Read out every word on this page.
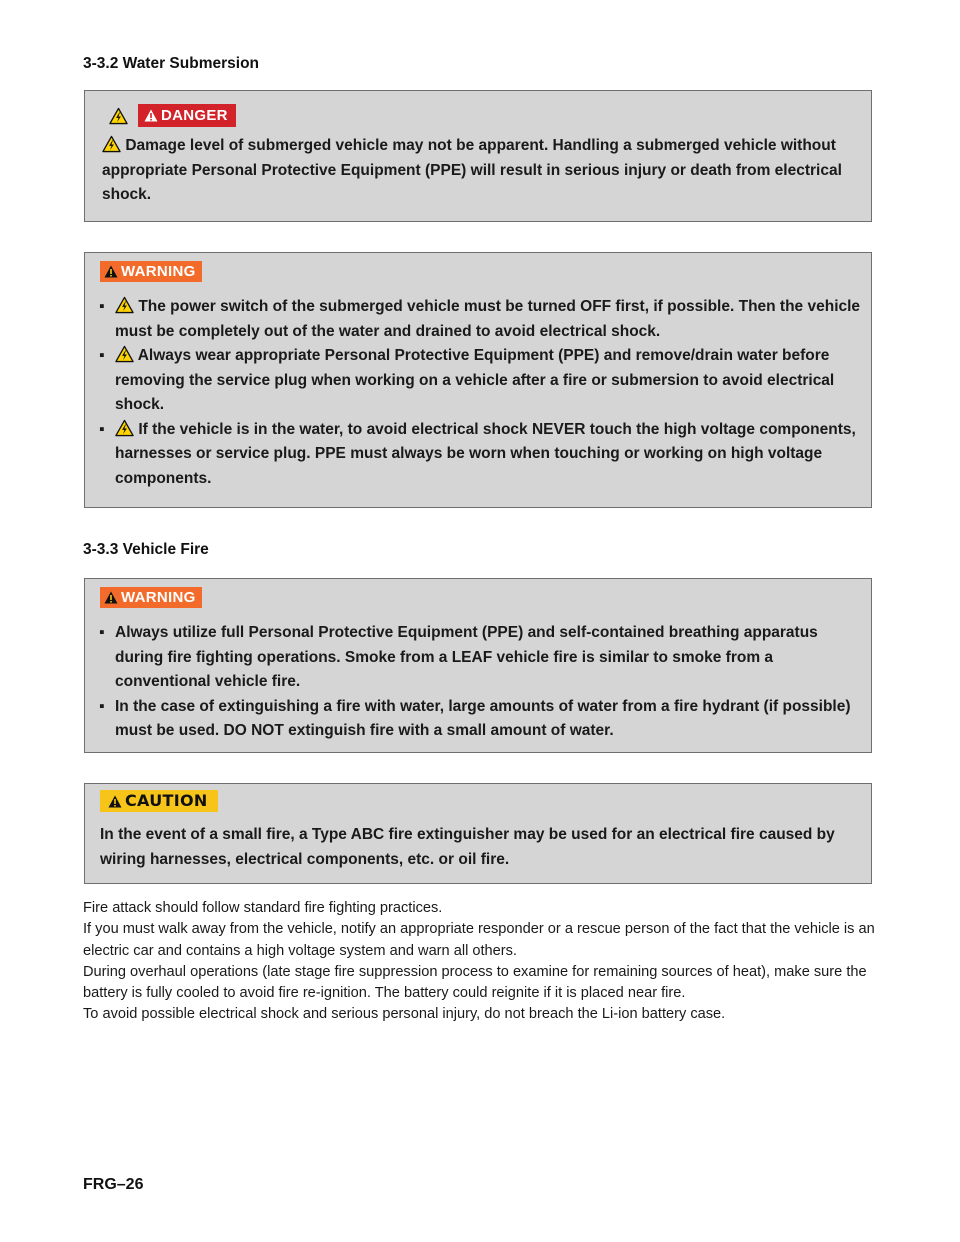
3-3.2 Water Submersion
DANGER
Damage level of submerged vehicle may not be apparent. Handling a submerged vehicle without appropriate Personal Protective Equipment (PPE) will result in serious injury or death from electrical shock.
WARNING
▪ The power switch of the submerged vehicle must be turned OFF first, if possible. Then the vehicle must be completely out of the water and drained to avoid electrical shock.
▪ Always wear appropriate Personal Protective Equipment (PPE) and remove/drain water before removing the service plug when working on a vehicle after a fire or submersion to avoid electrical shock.
▪ If the vehicle is in the water, to avoid electrical shock NEVER touch the high voltage components, harnesses or service plug. PPE must always be worn when touching or working on high voltage components.
3-3.3 Vehicle Fire
WARNING
▪ Always utilize full Personal Protective Equipment (PPE) and self-contained breathing apparatus during fire fighting operations. Smoke from a LEAF vehicle fire is similar to smoke from a conventional vehicle fire.
▪ In the case of extinguishing a fire with water, large amounts of water from a fire hydrant (if possible) must be used. DO NOT extinguish fire with a small amount of water.
CAUTION
In the event of a small fire, a Type ABC fire extinguisher may be used for an electrical fire caused by wiring harnesses, electrical components, etc. or oil fire.

Fire attack should follow standard fire fighting practices.

If you must walk away from the vehicle, notify an appropriate responder or a rescue person of the fact that the vehicle is an electric car and contains a high voltage system and warn all others.

During overhaul operations (late stage fire suppression process to examine for remaining sources of heat), make sure the battery is fully cooled to avoid fire re-ignition. The battery could reignite if it is placed near fire.

To avoid possible electrical shock and serious personal injury, do not breach the Li-ion battery case.

FRG–26
